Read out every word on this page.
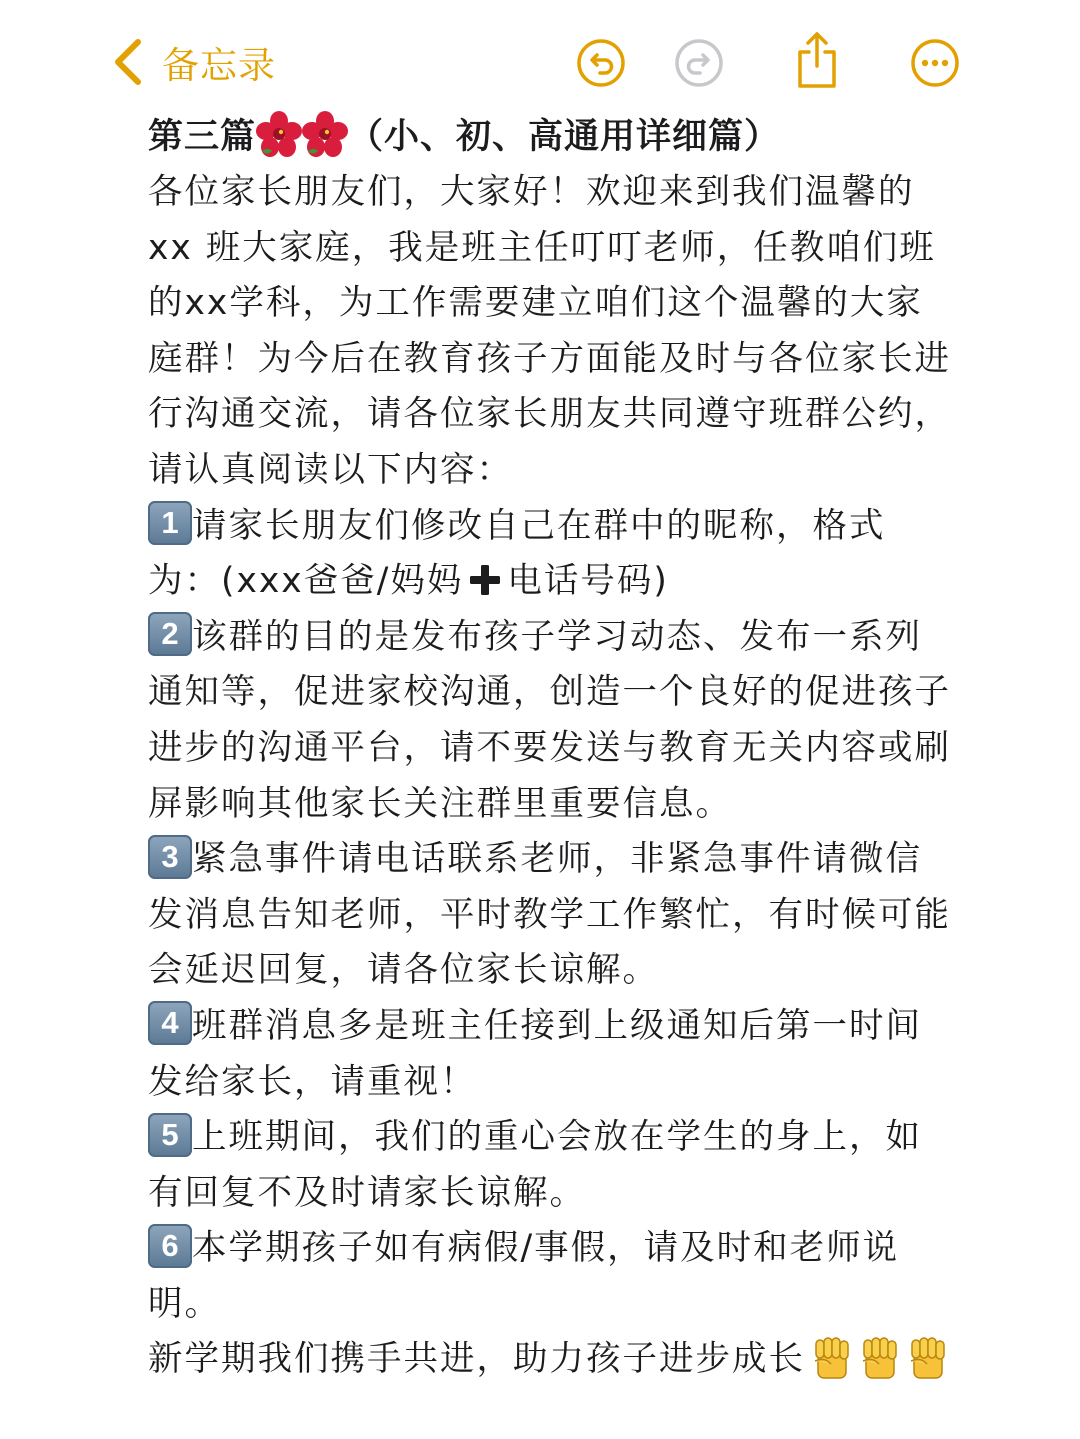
备忘录
第三篇	（小、初、高通用详细篇）
各位家长朋友们，大家好！欢迎来到我们温馨的
xx 班大家庭，我是班主任叮叮老师，任教咱们班
的xx学科，为工作需要建立咱们这个温馨的大家
庭群！为今后在教育孩子方面能及时与各位家长进
行沟通交流，请各位家长朋友共同遵守班群公约，
请认真阅读以下内容：
1 请家长朋友们修改自己在群中的昵称，格式
为：(xxx爸爸/妈妈 电话号码)
2 该群的目的是发布孩子学习动态、发布一系列
通知等，促进家校沟通，创造一个良好的促进孩子
进步的沟通平台，请不要发送与教育无关内容或刷
屏影响其他家长关注群里重要信息。
3 紧急事件请电话联系老师，非紧急事件请微信
发消息告知老师，平时教学工作繁忙，有时候可能
会延迟回复，请各位家长谅解。
4 班群消息多是班主任接到上级通知后第一时间
发给家长，请重视！
5 上班期间，我们的重心会放在学生的身上，如
有回复不及时请家长谅解。
6 本学期孩子如有病假/事假，请及时和老师说
明。
新学期我们携手共进，助力孩子进步成长
